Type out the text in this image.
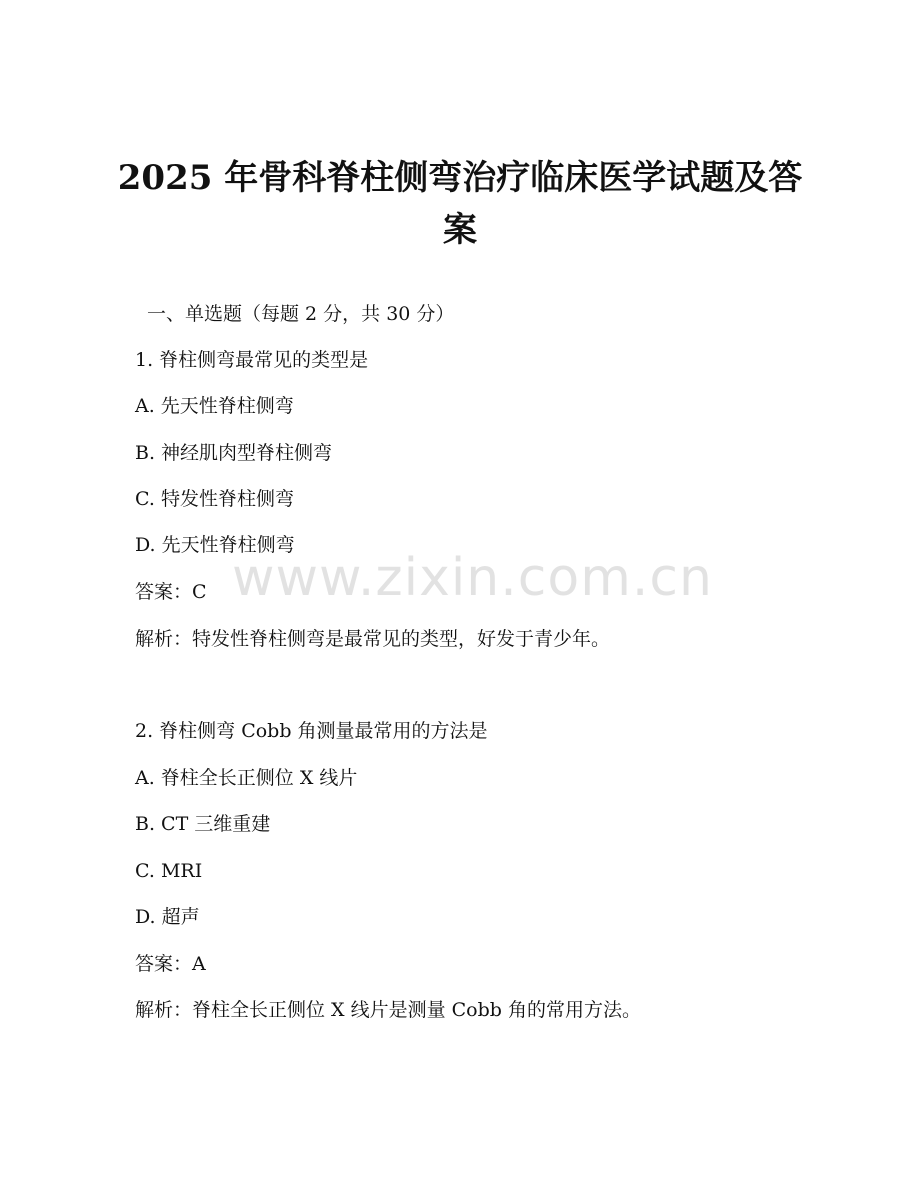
2025 年骨科脊柱侧弯治疗临床医学试题及答
案

一、单选题（每题 2 分，共 30 分）

1. 脊柱侧弯最常见的类型是

A. 先天性脊柱侧弯

B. 神经肌肉型脊柱侧弯

C. 特发性脊柱侧弯

D. 先天性脊柱侧弯

答案：C

解析：特发性脊柱侧弯是最常见的类型，好发于青少年。

2. 脊柱侧弯 Cobb 角测量最常用的方法是

A. 脊柱全长正侧位 X 线片

B. CT 三维重建

C. MRI

D. 超声

答案：A

解析：脊柱全长正侧位 X 线片是测量 Cobb 角的常用方法。

www.zixin.com.cn
